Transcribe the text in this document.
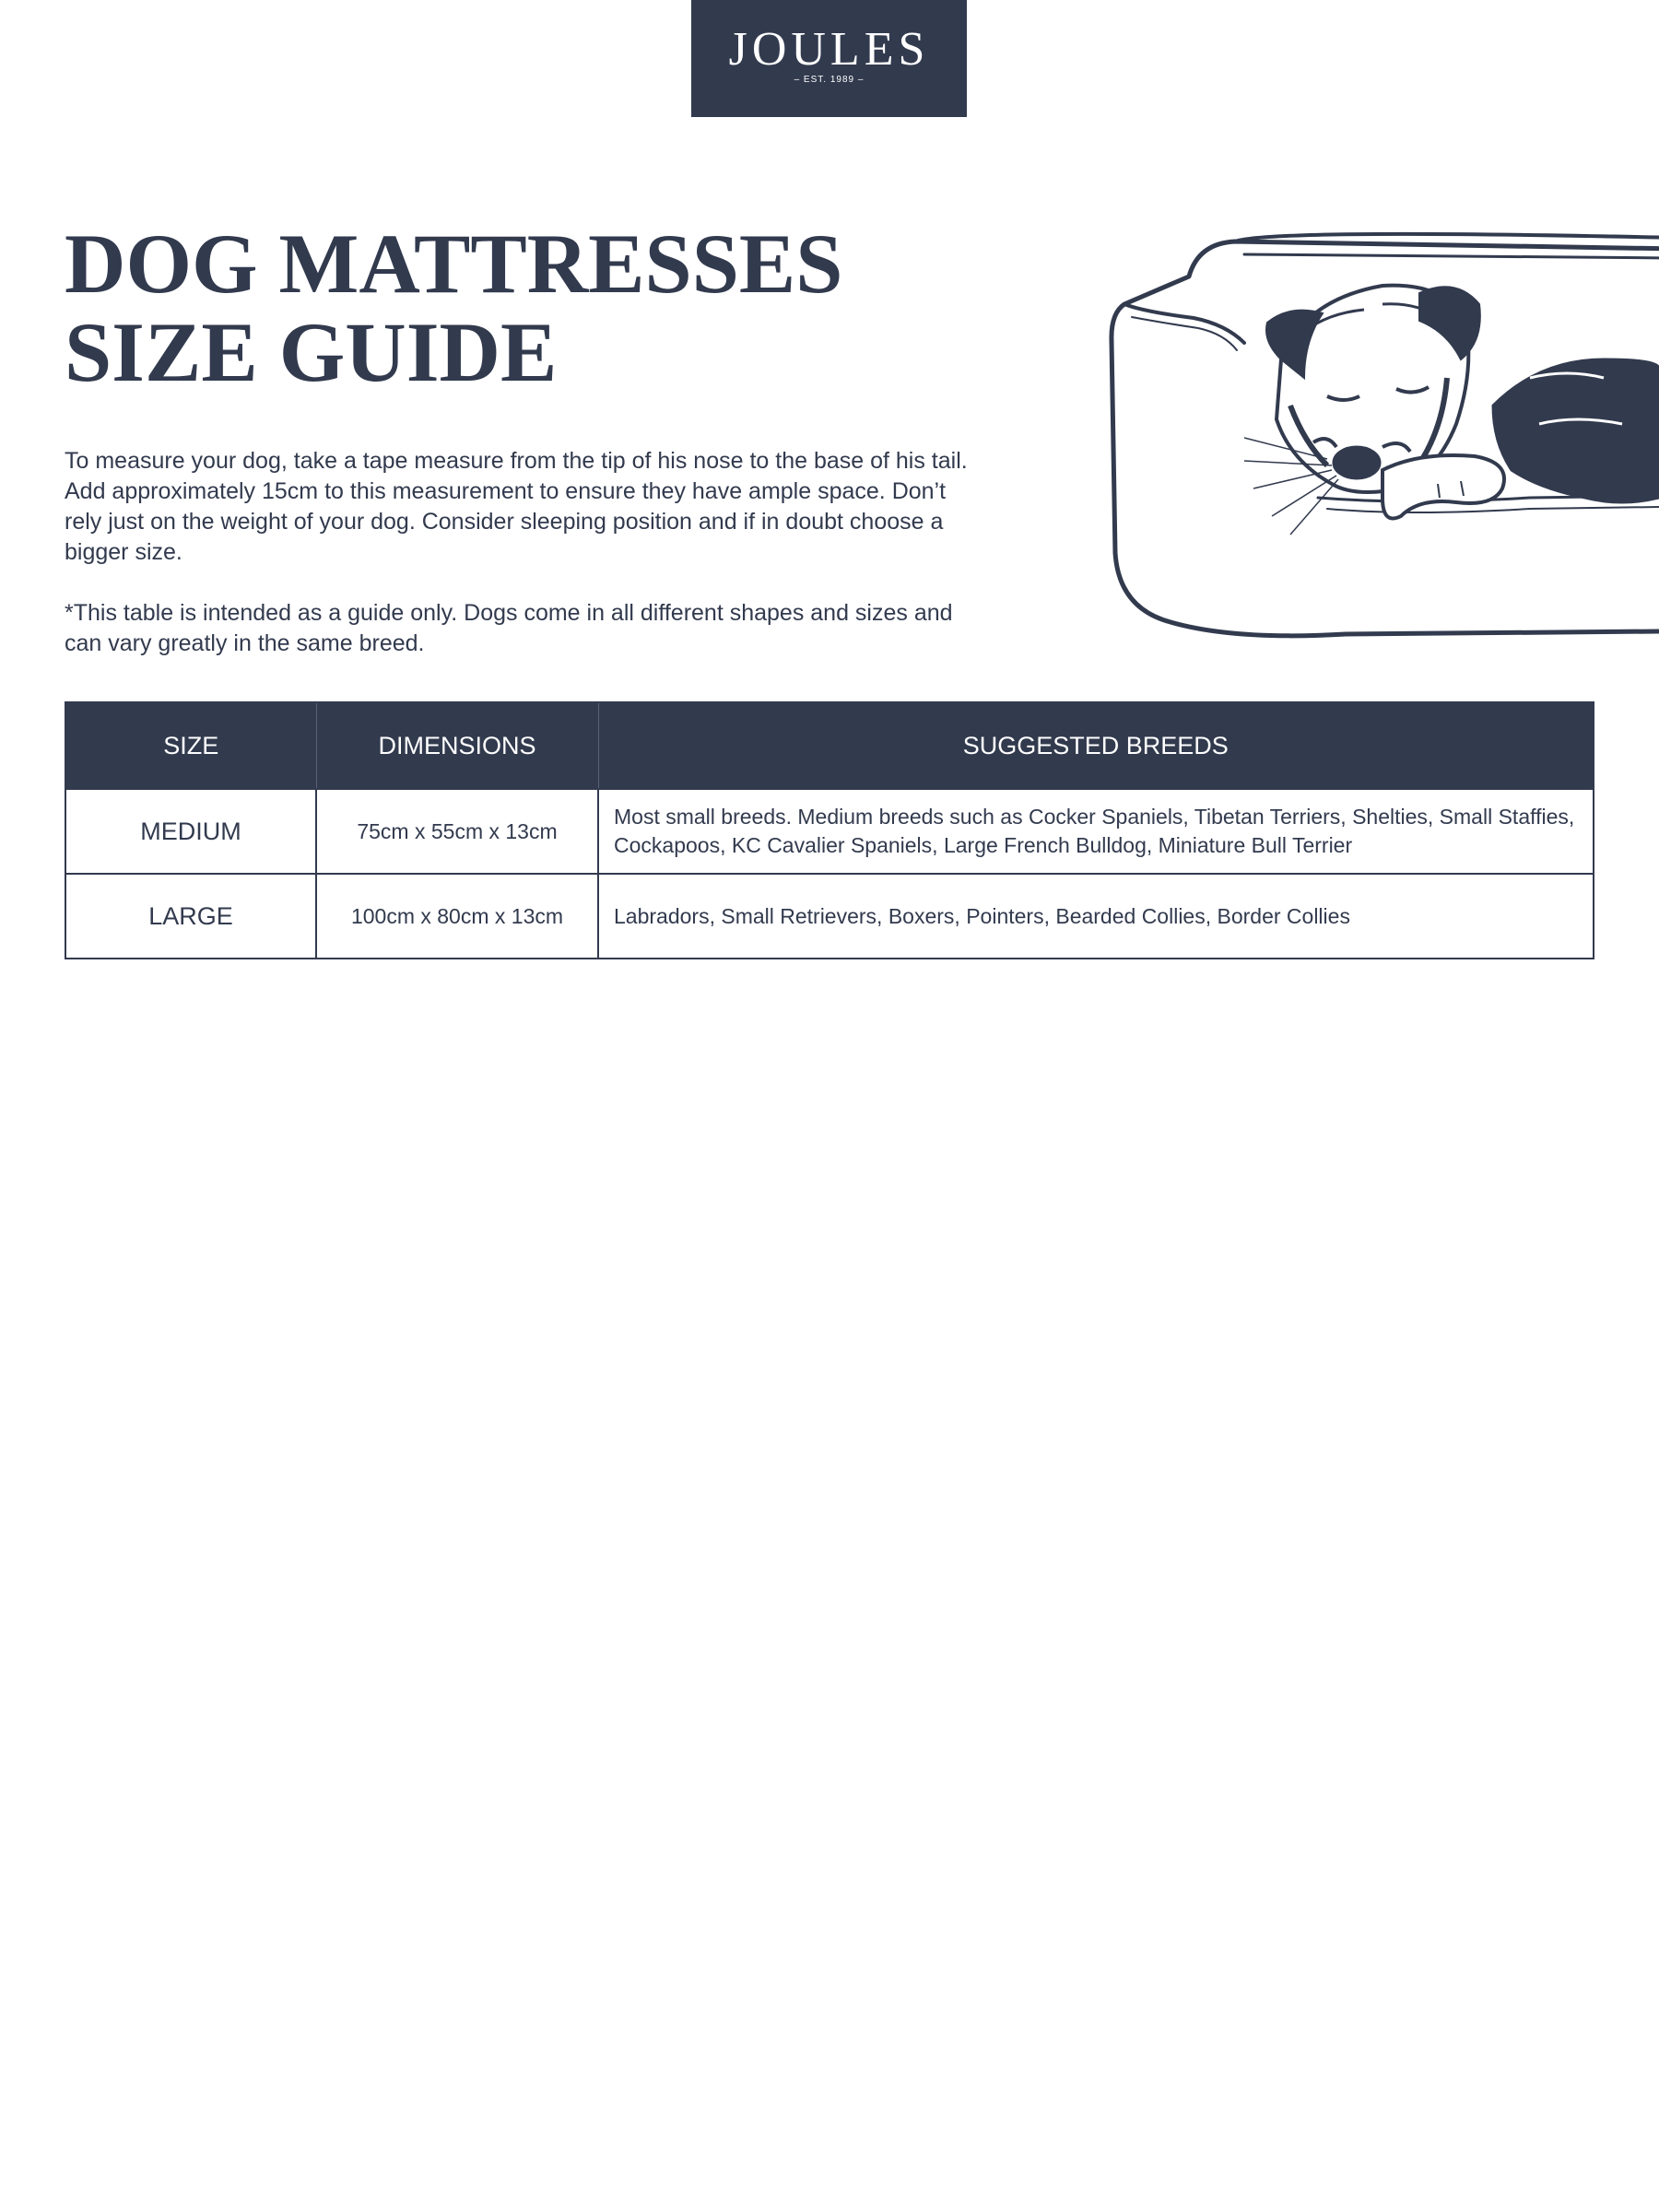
JOULES
– EST. 1989 –
DOG MATTRESSES
SIZE GUIDE

To measure your dog, take a tape measure from the tip of his nose to the base of his tail. Add approximately 15cm to this measurement to ensure they have ample space. Don’t rely just on the weight of your dog. Consider sleeping position and if in doubt choose a bigger size.

*This table is intended as a guide only. Dogs come in all different shapes and sizes and can vary greatly in the same breed.

SIZE	DIMENSIONS	SUGGESTED BREEDS
MEDIUM	75cm x 55cm x 13cm	Most small breeds. Medium breeds such as Cocker Spaniels, Tibetan Terriers, Shelties, Small Staffies, Cockapoos, KC Cavalier Spaniels, Large French Bulldog, Miniature Bull Terrier
LARGE	100cm x 80cm x 13cm	Labradors, Small Retrievers, Boxers, Pointers, Bearded Collies, Border Collies
